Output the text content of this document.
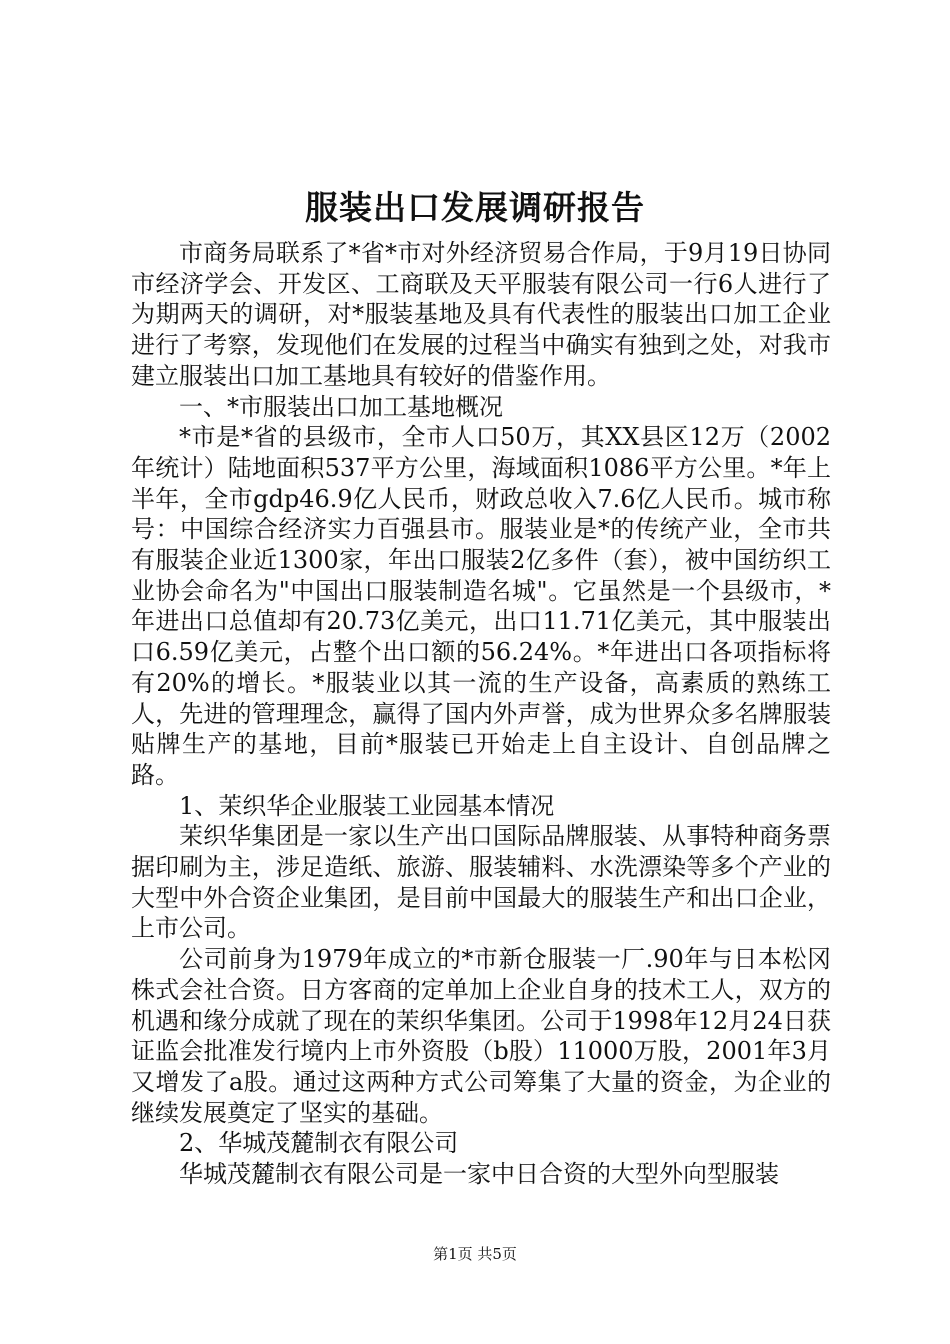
服装出口发展调研报告

市商务局联系了*省*市对外经济贸易合作局，于9月19日协同市经济学会、开发区、工商联及天平服装有限公司一行6人进行了为期两天的调研，对*服装基地及具有代表性的服装出口加工企业进行了考察，发现他们在发展的过程当中确实有独到之处，对我市建立服装出口加工基地具有较好的借鉴作用。

一、*市服装出口加工基地概况

*市是*省的县级市，全市人口50万，其XX县区12万（2002年统计）陆地面积537平方公里，海域面积1086平方公里。*年上半年，全市gdp46.9亿人民币，财政总收入7.6亿人民币。城市称号：中国综合经济实力百强县市。服装业是*的传统产业，全市共有服装企业近1300家，年出口服装2亿多件（套），被中国纺织工业协会命名为"中国出口服装制造名城"。它虽然是一个县级市，*年进出口总值却有20.73亿美元，出口11.71亿美元，其中服装出口6.59亿美元，占整个出口额的56.24%。*年进出口各项指标将有20%的增长。*服装业以其一流的生产设备，高素质的熟练工人，先进的管理理念，赢得了国内外声誉，成为世界众多名牌服装贴牌生产的基地，目前*服装已开始走上自主设计、自创品牌之路。

1、茉织华企业服装工业园基本情况

茉织华集团是一家以生产出口国际品牌服装、从事特种商务票据印刷为主，涉足造纸、旅游、服装辅料、水洗漂染等多个产业的大型中外合资企业集团，是目前中国最大的服装生产和出口企业，上市公司。

公司前身为1979年成立的*市新仓服装一厂.90年与日本松冈株式会社合资。日方客商的定单加上企业自身的技术工人，双方的机遇和缘分成就了现在的茉织华集团。公司于1998年12月24日获证监会批准发行境内上市外资股（b股）11000万股，2001年3月又增发了a股。通过这两种方式公司筹集了大量的资金，为企业的继续发展奠定了坚实的基础。

2、华城茂麓制衣有限公司

华城茂麓制衣有限公司是一家中日合资的大型外向型服装

第1页 共5页
